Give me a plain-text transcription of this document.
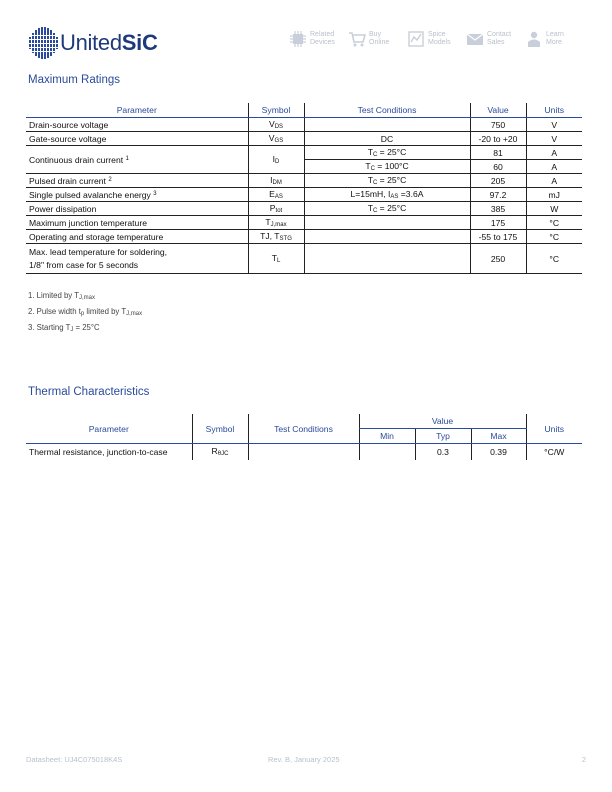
UnitedSiC	Related
Devices
Buy
Online
Spice
Models
Contact
Sales
Learn
More
Maximum Ratings
Parameter	Symbol	Test Conditions	Value	Units
Drain-source voltage	$V_{DS}$		750	V
Gate-source voltage	$V_{GS}$	DC	-20 to +20	V
Continuous drain current $^1$	$I_D$	$T_C = 25^\circ C$	81	A
		$T_C = 100^\circ C$	60	A
Pulsed drain current $^2$	$I_{DM}$	$T_C = 25^\circ C$	205	A
Single pulsed avalanche energy $^3$	$E_{AS}$	L=15mH, $I_{AS} =3.6A$	97.2	mJ
Power dissipation	$P_{tot}$	$T_C = 25^\circ C$	385	W
Maximum junction temperature	$T_{J,max}$		175	°C
Operating and storage temperature	TJ, $T_{STG}$		-55 to 175	°C
Max. lead temperature for soldering,
1/8" from case for 5 seconds	$T_L$		250	°C
1. Limited by $T_{J,max}$
2. Pulse width $t_p$ limited by $T_{J,max}$
3. Starting $T_J = 25^\circ C$
Thermal Characteristics
Parameter	Symbol	Test Conditions	Value			Units
			Min	Typ	Max	
Thermal resistance, junction-to-case	$R_{\theta JC}$			0.3	0.39	°C/W
Datasheet: UJ4C075018K4S	Rev. B, January 2025	2
